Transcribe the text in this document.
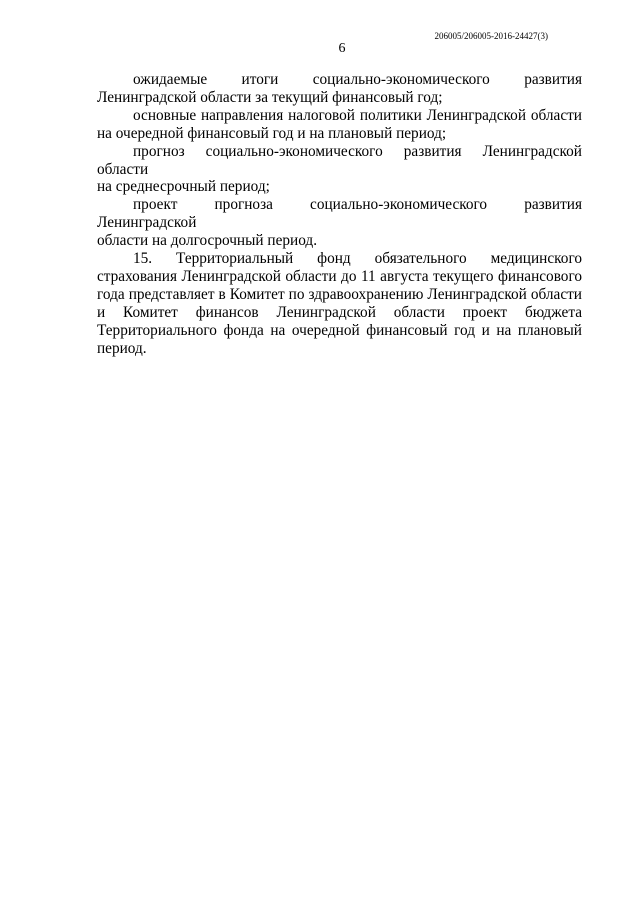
206005/206005-2016-24427(3)
6

ожидаемые итоги социально-экономического развития

Ленинградской области за текущий финансовый год;

основные направления налоговой политики Ленинградской области

на очередной финансовый год и на плановый период;

прогноз социально-экономического развития Ленинградской области

на среднесрочный период;

проект прогноза социально-экономического развития Ленинградской

области на долгосрочный период.

15. Территориальный фонд обязательного медицинского страхования Ленинградской области до 11 августа текущего финансового года представляет в Комитет по здравоохранению Ленинградской области и Комитет финансов Ленинградской области проект бюджета Территориального фонда на очередной финансовый год и на плановый период.
